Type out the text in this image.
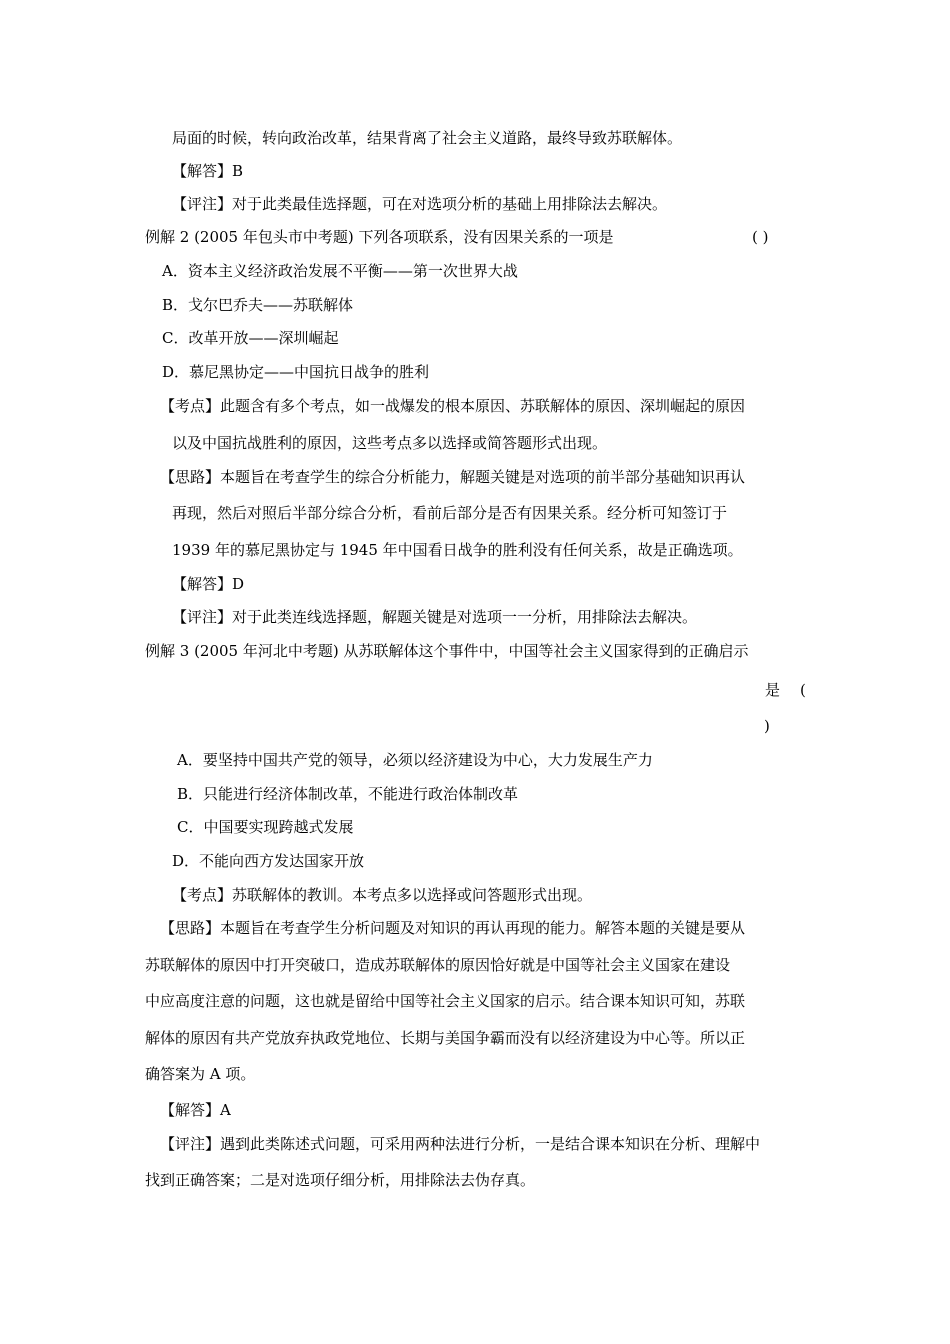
局面的时候，转向政治改革，结果背离了社会主义道路，最终导致苏联解体。
【解答】B
【评注】对于此类最佳选择题，可在对选项分析的基础上用排除法去解决。
例解 2 (2005 年包头市中考题) 下列各项联系，没有因果关系的一项是	( )
A．资本主义经济政治发展不平衡——第一次世界大战
B．戈尔巴乔夫——苏联解体
C．改革开放——深圳崛起
D．慕尼黑协定——中国抗日战争的胜利
【考点】此题含有多个考点，如一战爆发的根本原因、苏联解体的原因、深圳崛起的原因
以及中国抗战胜利的原因，这些考点多以选择或简答题形式出现。
【思路】本题旨在考查学生的综合分析能力，解题关键是对选项的前半部分基础知识再认
再现，然后对照后半部分综合分析，看前后部分是否有因果关系。经分析可知签订于
1939 年的慕尼黑协定与 1945 年中国看日战争的胜利没有任何关系，故是正确选项。
【解答】D
【评注】对于此类连线选择题，解题关键是对选项一一分析，用排除法去解决。
例解 3 (2005 年河北中考题) 从苏联解体这个事件中，中国等社会主义国家得到的正确启示
是 (
)
A．要坚持中国共产党的领导，必须以经济建设为中心，大力发展生产力
B．只能进行经济体制改革，不能进行政治体制改革
C．中国要实现跨越式发展
D．不能向西方发达国家开放
【考点】苏联解体的教训。本考点多以选择或问答题形式出现。
【思路】本题旨在考查学生分析问题及对知识的再认再现的能力。解答本题的关键是要从
苏联解体的原因中打开突破口，造成苏联解体的原因恰好就是中国等社会主义国家在建设
中应高度注意的问题，这也就是留给中国等社会主义国家的启示。结合课本知识可知，苏联
解体的原因有共产党放弃执政党地位、长期与美国争霸而没有以经济建设为中心等。所以正
确答案为 A 项。
【解答】A
【评注】遇到此类陈述式问题，可采用两种法进行分析，一是结合课本知识在分析、理解中
找到正确答案；二是对选项仔细分析，用排除法去伪存真。
